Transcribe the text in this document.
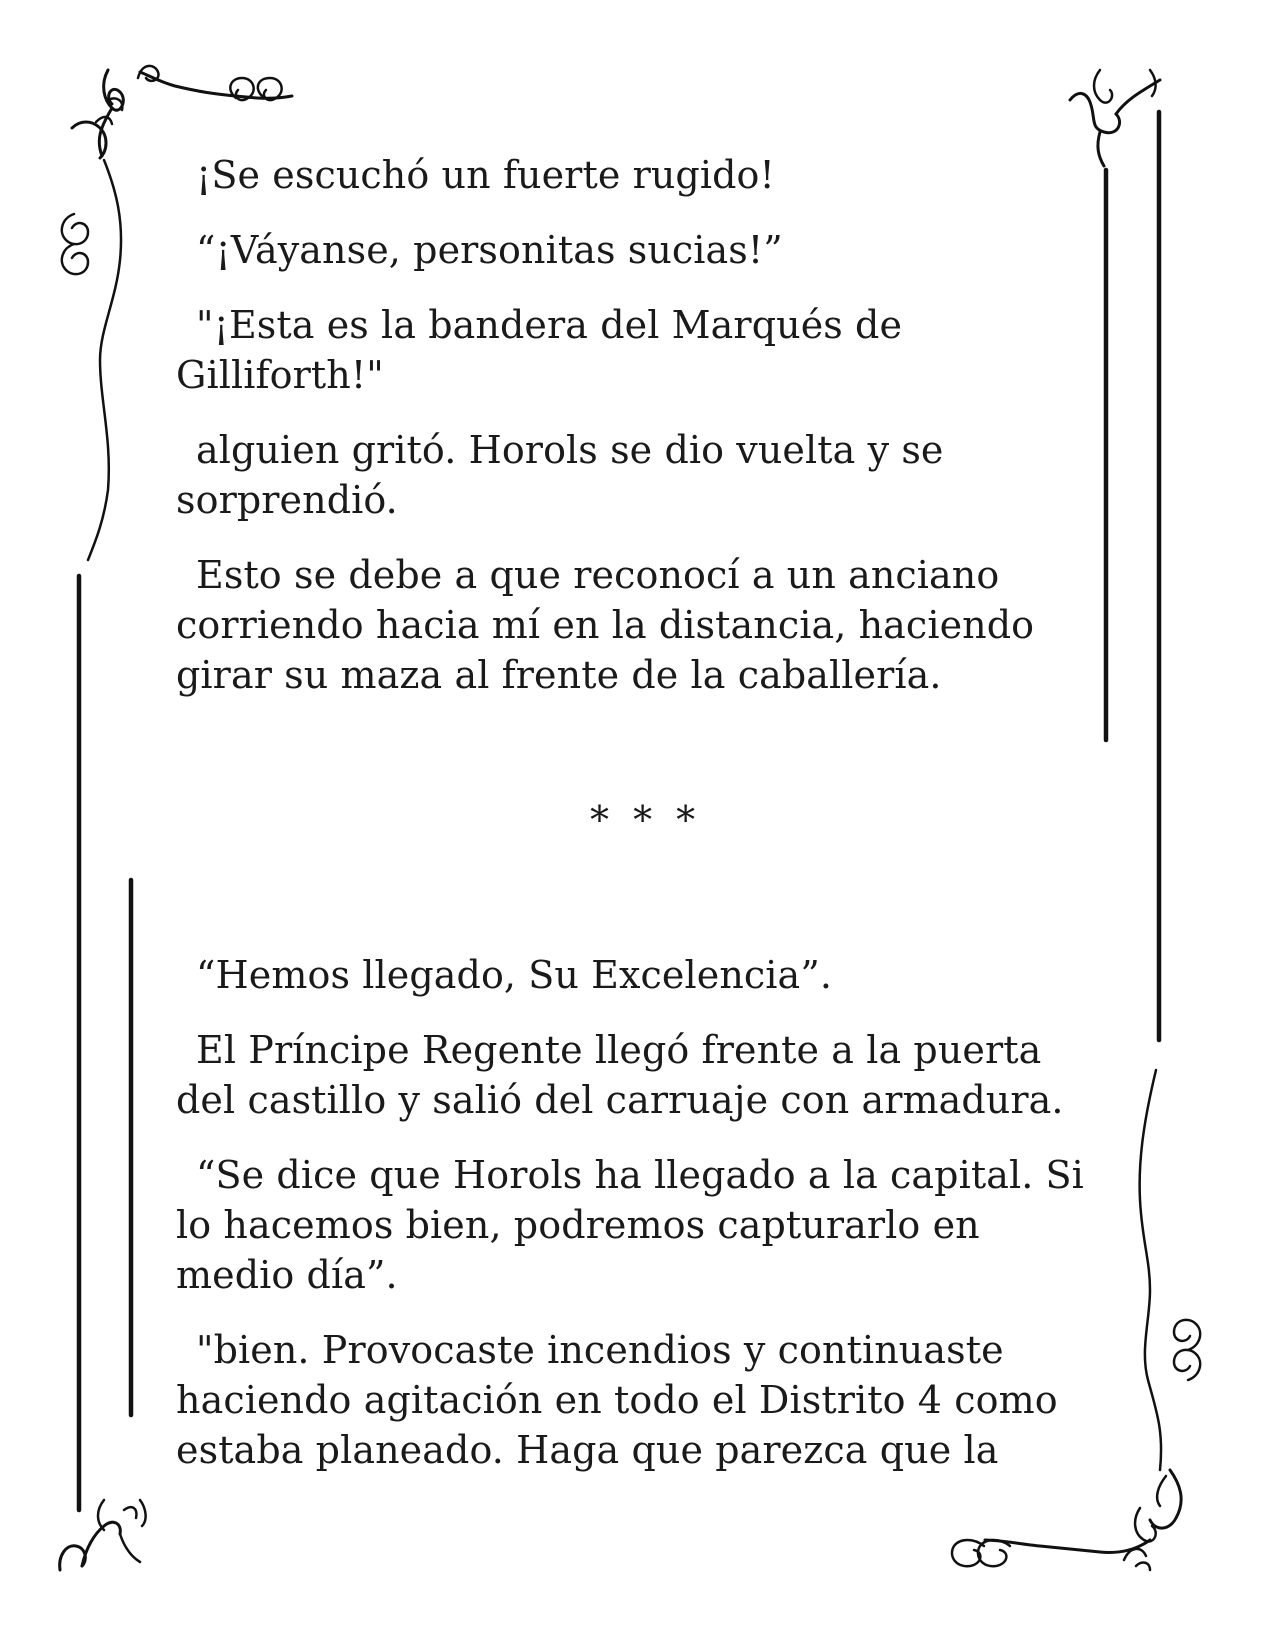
¡Se escuchó un fuerte rugido!
“¡Váyanse, personitas sucias!”
"¡Esta es la bandera del Marqués de
Gilliforth!"
alguien gritó. Horols se dio vuelta y se
sorprendió.
Esto se debe a que reconocí a un anciano
corriendo hacia mí en la distancia, haciendo
girar su maza al frente de la caballería.
* * *
“Hemos llegado, Su Excelencia”.
El Príncipe Regente llegó frente a la puerta
del castillo y salió del carruaje con armadura.
“Se dice que Horols ha llegado a la capital. Si
lo hacemos bien, podremos capturarlo en
medio día”.
"bien. Provocaste incendios y continuaste
haciendo agitación en todo el Distrito 4 como
estaba planeado. Haga que parezca que la
